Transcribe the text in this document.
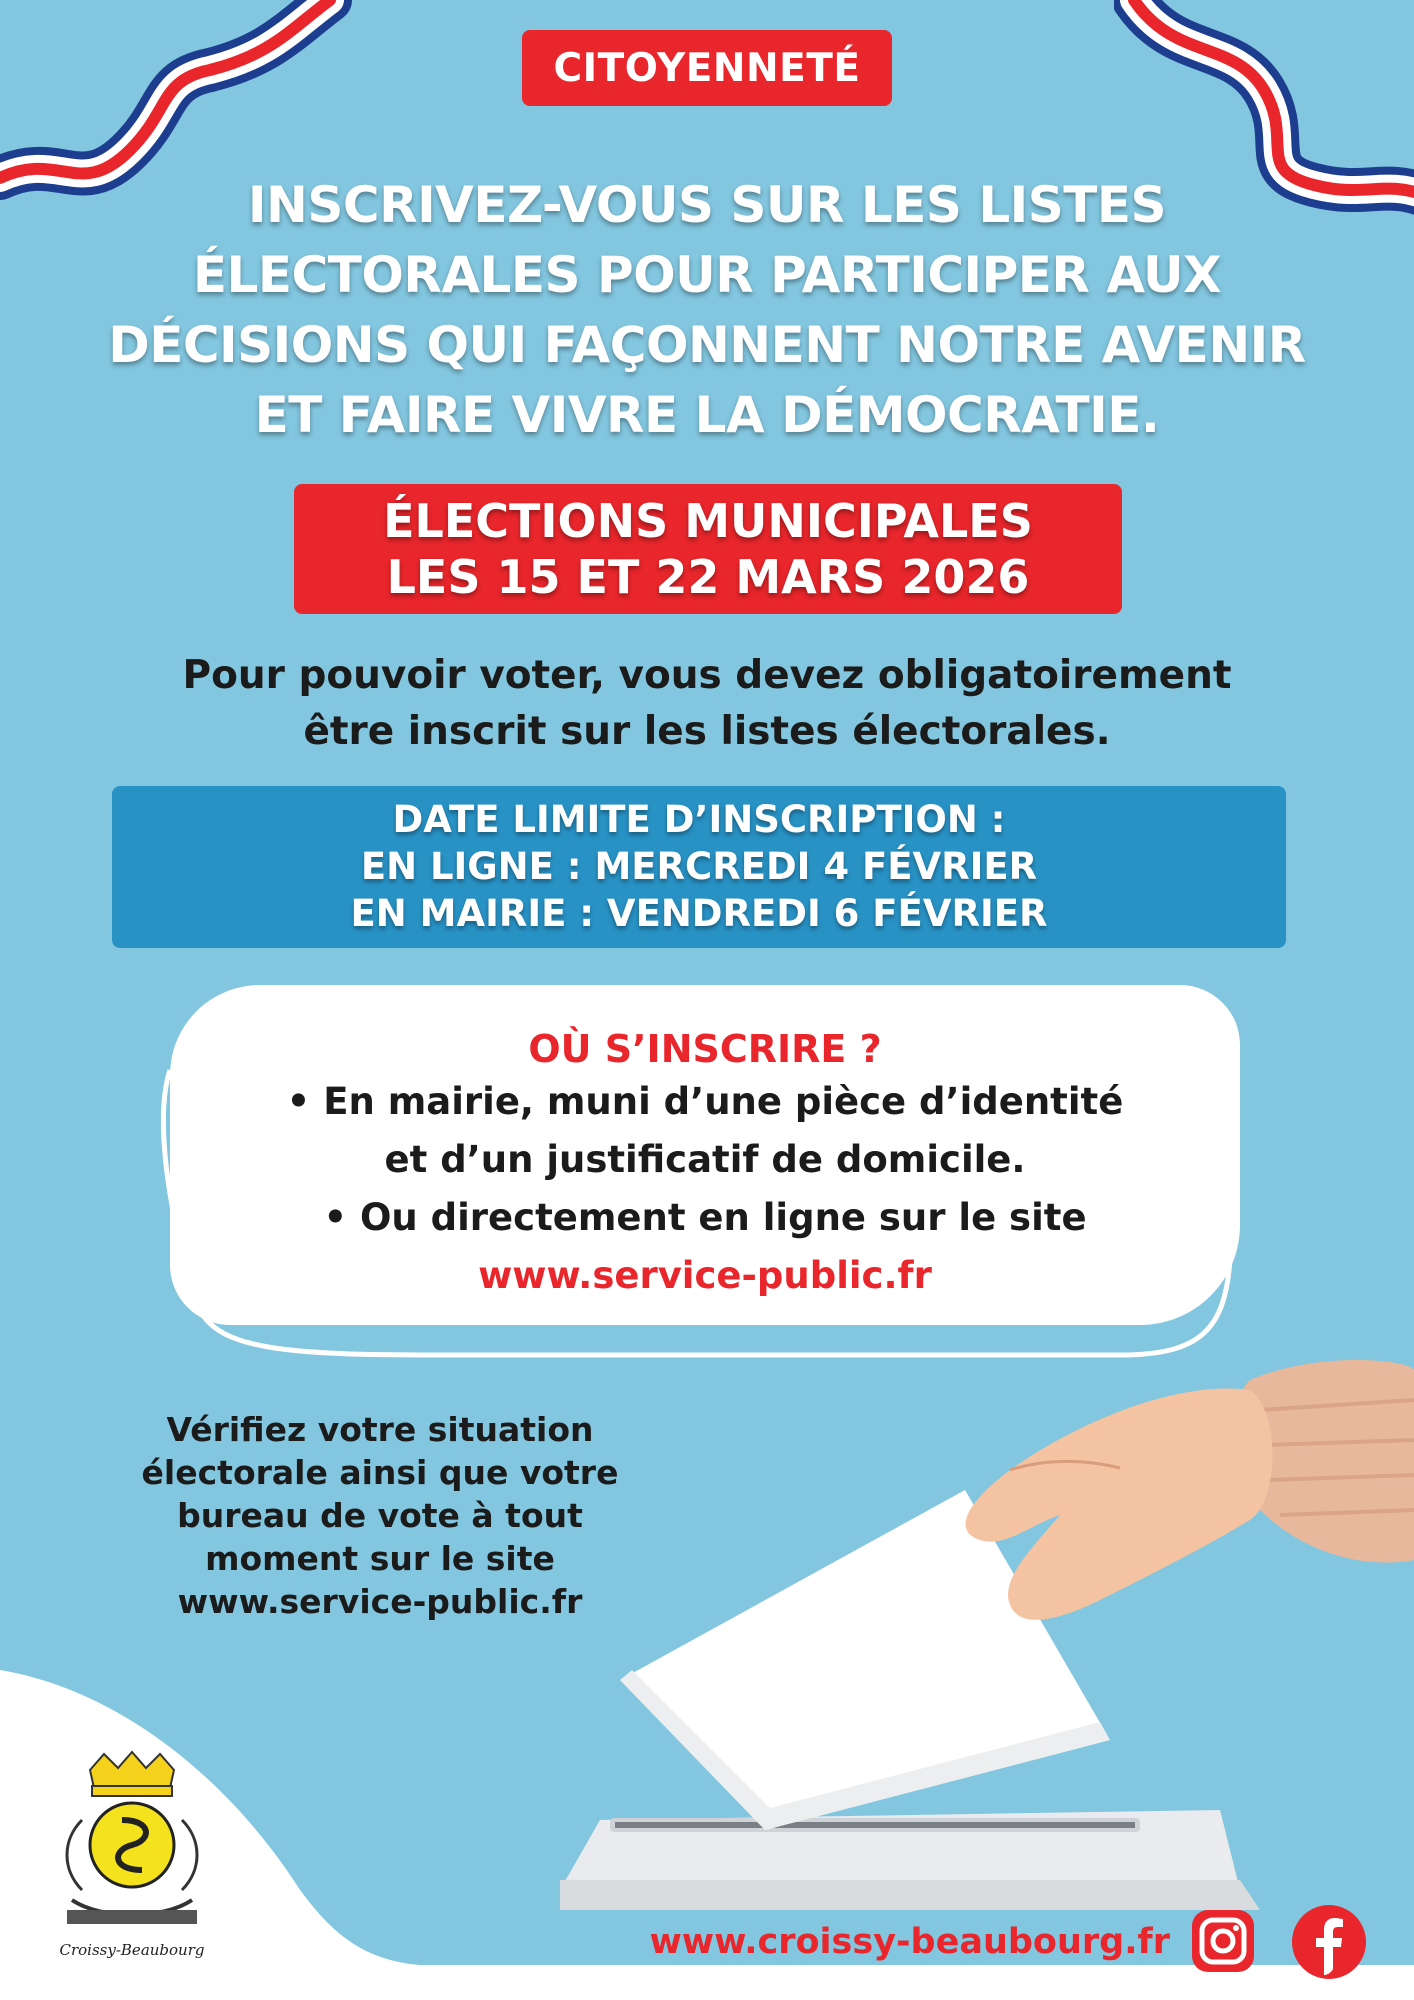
CITOYENNETÉ
INSCRIVEZ-VOUS SUR LES LISTES
ÉLECTORALES POUR PARTICIPER AUX
DÉCISIONS QUI FAÇONNENT NOTRE AVENIR
ET FAIRE VIVRE LA DÉMOCRATIE.
ÉLECTIONS MUNICIPALES
LES 15 ET 22 MARS 2026
Pour pouvoir voter, vous devez obligatoirement
être inscrit sur les listes électorales.
DATE LIMITE D’INSCRIPTION :
EN LIGNE : MERCREDI 4 FÉVRIER
EN MAIRIE : VENDREDI 6 FÉVRIER
OÙ S’INSCRIRE ?
• En mairie, muni d’une pièce d’identité
et d’un justificatif de domicile.
• Ou directement en ligne sur le site
www.service-public.fr
Vérifiez votre situation
électorale ainsi que votre
bureau de vote à tout
moment sur le site
www.service-public.fr
Croissy-Beaubourg	www.croissy-beaubourg.fr
